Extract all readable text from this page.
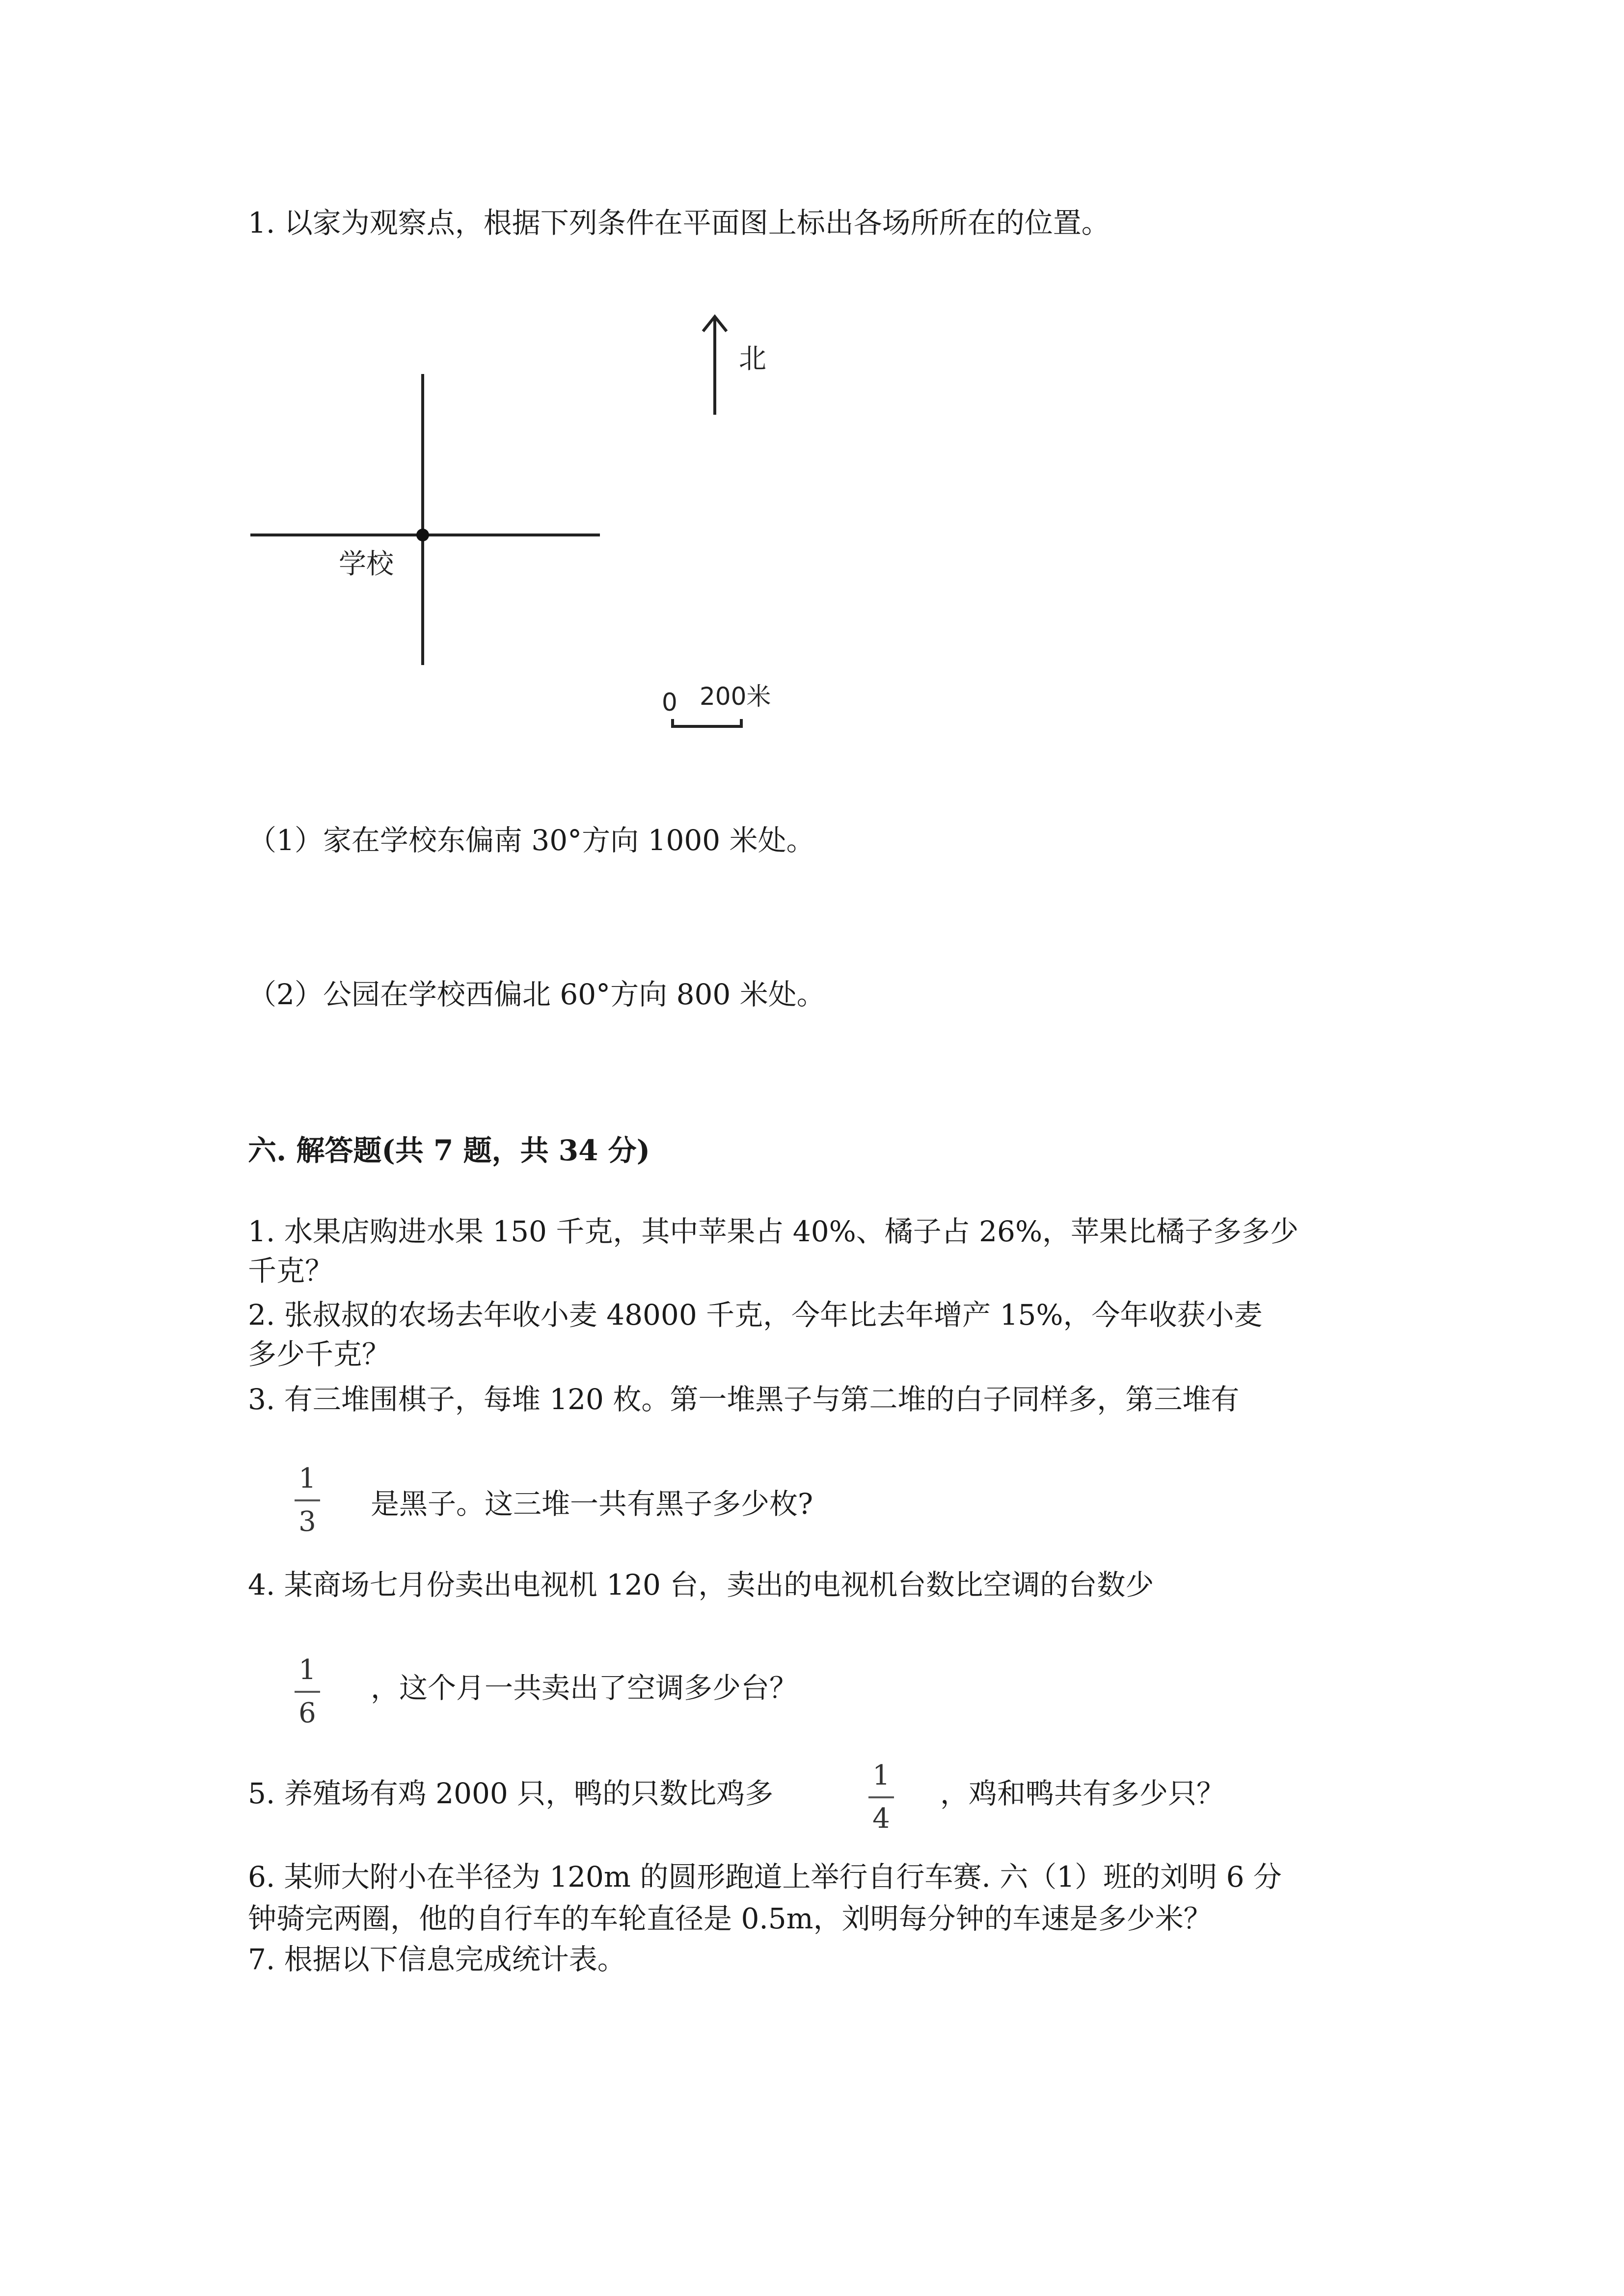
1. 以家为观察点，根据下列条件在平面图上标出各场所所在的位置。
北
学校
0 200米
（1）家在学校东偏南 30°方向 1000 米处。
（2）公园在学校西偏北 60°方向 800 米处。
六. 解答题(共 7 题，共 34 分)
1. 水果店购进水果 150 千克，其中苹果占 40%、橘子占 26%，苹果比橘子多多少
千克？
2. 张叔叔的农场去年收小麦 48000 千克，今年比去年增产 15%，今年收获小麦
多少千克？
3. 有三堆围棋子，每堆 120 枚。第一堆黑子与第二堆的白子同样多，第三堆有
1
3
是黑子。这三堆一共有黑子多少枚?
4. 某商场七月份卖出电视机 120 台，卖出的电视机台数比空调的台数少
1
6
，这个月一共卖出了空调多少台？
5. 养殖场有鸡 2000 只，鸭的只数比鸡多
1
4
，鸡和鸭共有多少只？
6. 某师大附小在半径为 120m 的圆形跑道上举行自行车赛. 六（1）班的刘明 6 分
钟骑完两圈，他的自行车的车轮直径是 0.5m，刘明每分钟的车速是多少米？
7. 根据以下信息完成统计表。
